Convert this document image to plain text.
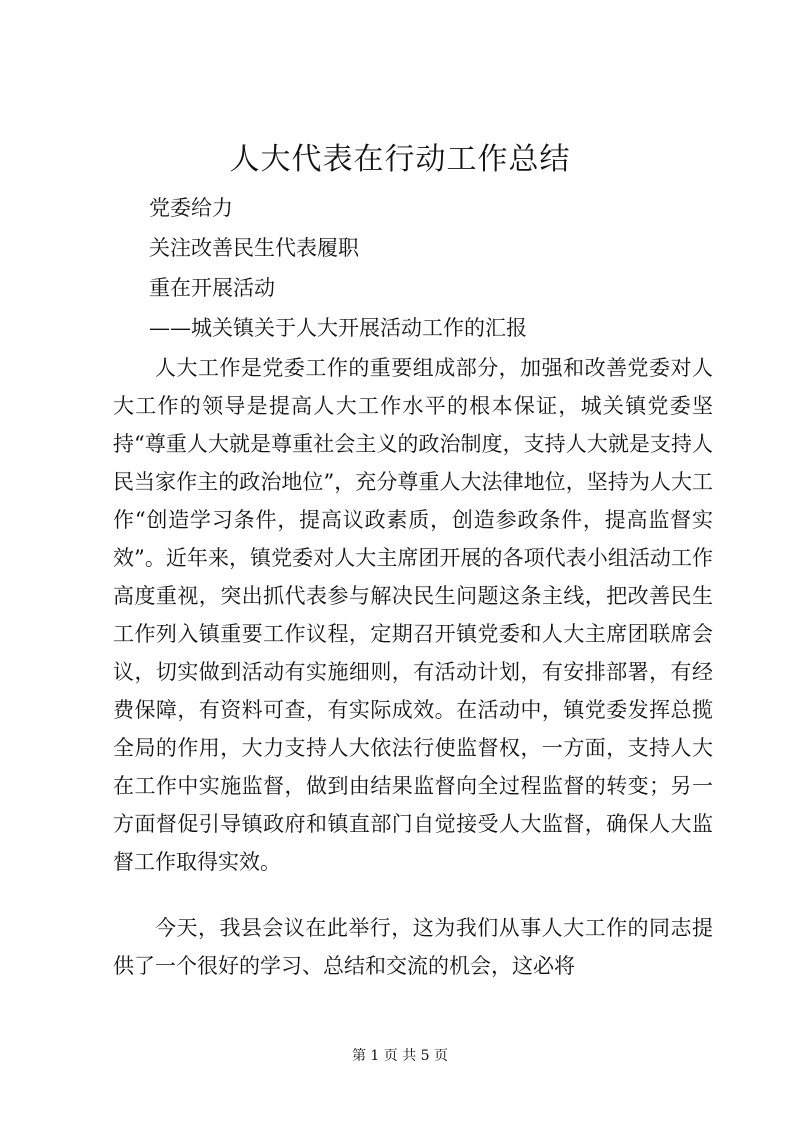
人大代表在行动工作总结
党委给力
关注改善民生代表履职
重在开展活动
——城关镇关于人大开展活动工作的汇报

人大工作是党委工作的重要组成部分，加强和改善党委对人大工作的领导是提高人大工作水平的根本保证，城关镇党委坚持“尊重人大就是尊重社会主义的政治制度，支持人大就是支持人民当家作主的政治地位”，充分尊重人大法律地位，坚持为人大工作“创造学习条件，提高议政素质，创造参政条件，提高监督实效”。近年来，镇党委对人大主席团开展的各项代表小组活动工作高度重视，突出抓代表参与解决民生问题这条主线，把改善民生工作列入镇重要工作议程，定期召开镇党委和人大主席团联席会议，切实做到活动有实施细则，有活动计划，有安排部署，有经费保障，有资料可查，有实际成效。在活动中，镇党委发挥总揽全局的作用，大力支持人大依法行使监督权，一方面，支持人大在工作中实施监督，做到由结果监督向全过程监督的转变；另一方面督促引导镇政府和镇直部门自觉接受人大监督，确保人大监督工作取得实效。

今天，我县会议在此举行，这为我们从事人大工作的同志提供了一个很好的学习、总结和交流的机会，这必将

第 1 页 共 5 页
